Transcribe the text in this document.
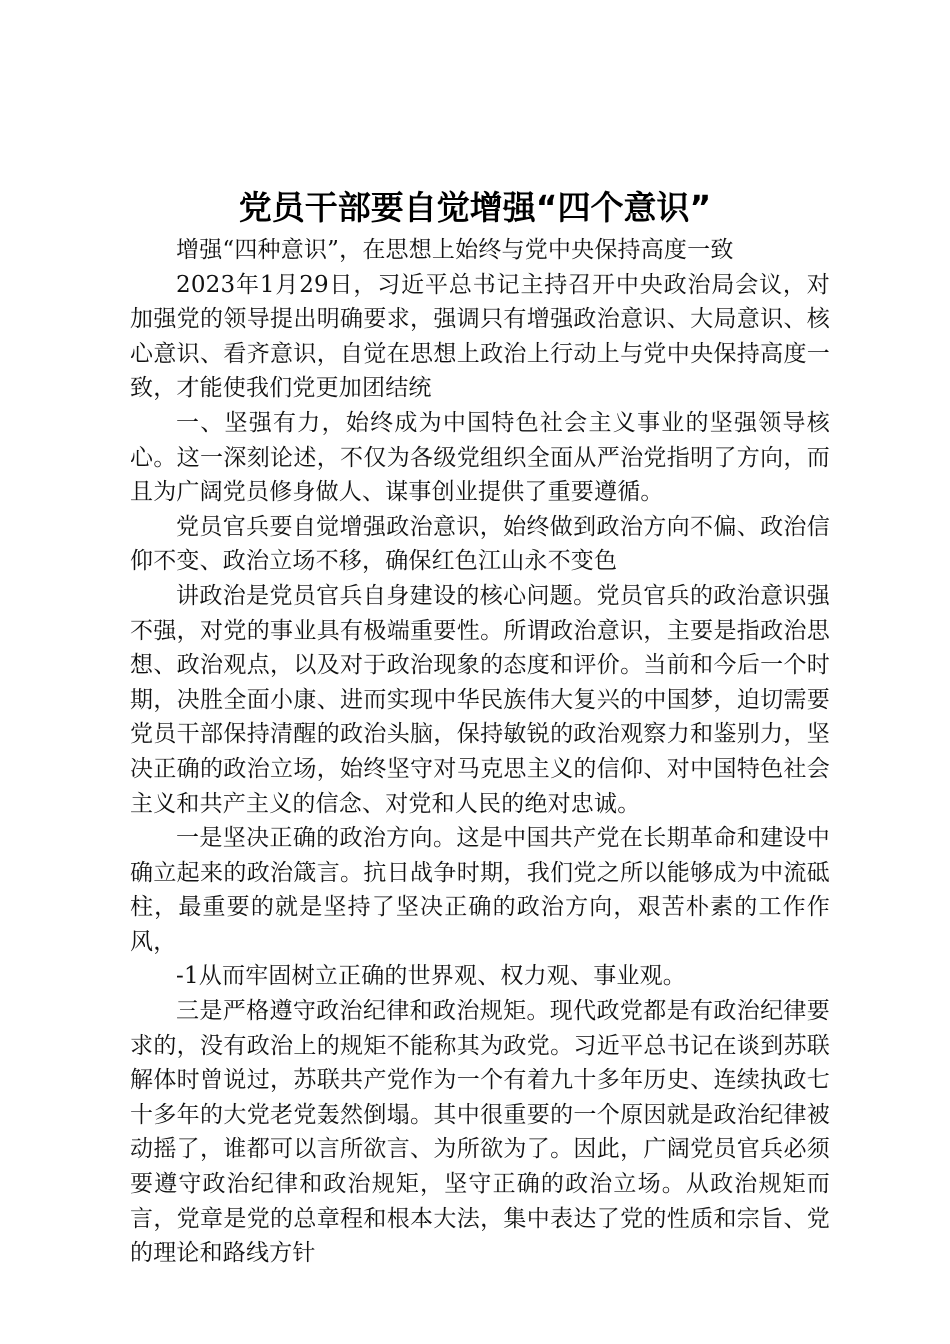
党员干部要自觉增强“四个意识”

增强“四种意识”，在思想上始终与党中央保持高度一致

2023年1月29日，习近平总书记主持召开中央政治局会议，对加强党的领导提出明确要求，强调只有增强政治意识、大局意识、核心意识、看齐意识，自觉在思想上政治上行动上与党中央保持高度一致，才能使我们党更加团结统

一、坚强有力，始终成为中国特色社会主义事业的坚强领导核心。这一深刻论述，不仅为各级党组织全面从严治党指明了方向，而且为广阔党员修身做人、谋事创业提供了重要遵循。

党员官兵要自觉增强政治意识，始终做到政治方向不偏、政治信仰不变、政治立场不移，确保红色江山永不变色

讲政治是党员官兵自身建设的核心问题。党员官兵的政治意识强不强，对党的事业具有极端重要性。所谓政治意识，主要是指政治思想、政治观点，以及对于政治现象的态度和评价。当前和今后一个时期，决胜全面小康、进而实现中华民族伟大复兴的中国梦，迫切需要党员干部保持清醒的政治头脑，保持敏锐的政治观察力和鉴别力，坚决正确的政治立场，始终坚守对马克思主义的信仰、对中国特色社会主义和共产主义的信念、对党和人民的绝对忠诚。

一是坚决正确的政治方向。这是中国共产党在长期革命和建设中确立起来的政治箴言。抗日战争时期，我们党之所以能够成为中流砥柱，最重要的就是坚持了坚决正确的政治方向，艰苦朴素的工作作风，

-1从而牢固树立正确的世界观、权力观、事业观。

三是严格遵守政治纪律和政治规矩。现代政党都是有政治纪律要求的，没有政治上的规矩不能称其为政党。习近平总书记在谈到苏联解体时曾说过，苏联共产党作为一个有着九十多年历史、连续执政七十多年的大党老党轰然倒塌。其中很重要的一个原因就是政治纪律被动摇了，谁都可以言所欲言、为所欲为了。因此，广阔党员官兵必须要遵守政治纪律和政治规矩，坚守正确的政治立场。从政治规矩而言，党章是党的总章程和根本大法，集中表达了党的性质和宗旨、党的理论和路线方针
